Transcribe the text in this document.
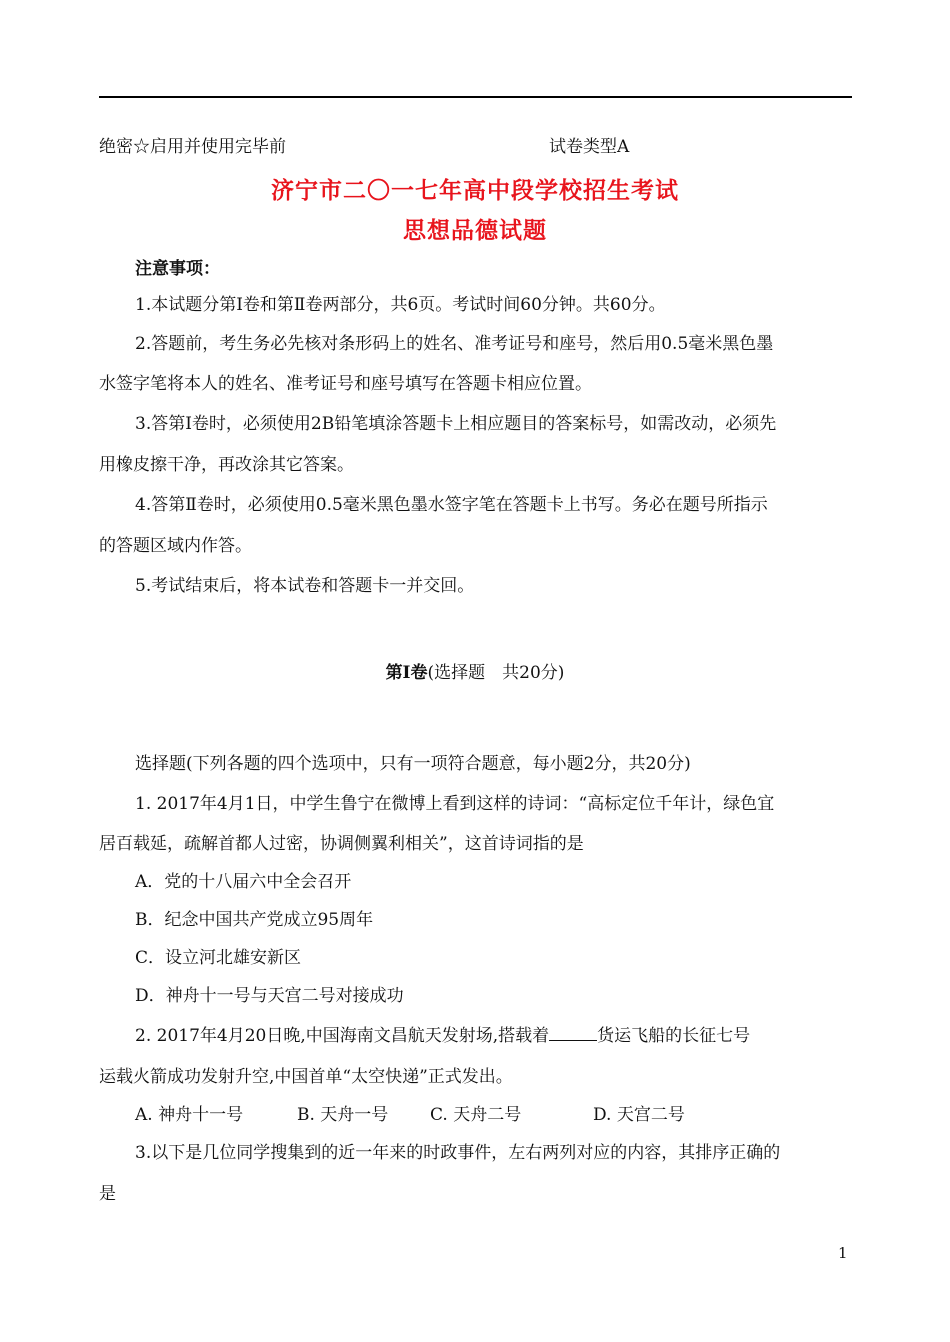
绝密☆启用并使用完毕前	试卷类型A
济宁市二〇一七年高中段学校招生考试
思想品德试题
注意事项：
1.本试题分第Ⅰ卷和第Ⅱ卷两部分，共6页。考试时间60分钟。共60分。
2.答题前，考生务必先核对条形码上的姓名、准考证号和座号，然后用0.5毫米黑色墨
水签字笔将本人的姓名、准考证号和座号填写在答题卡相应位置。
3.答第Ⅰ卷时，必须使用2B铅笔填涂答题卡上相应题目的答案标号，如需改动，必须先
用橡皮擦干净，再改涂其它答案。
4.答第Ⅱ卷时，必须使用0.5毫米黑色墨水签字笔在答题卡上书写。务必在题号所指示
的答题区域内作答。
5.考试结束后，将本试卷和答题卡一并交回。
第Ⅰ卷(选择题　共20分)
选择题(下列各题的四个选项中，只有一项符合题意，每小题2分，共20分)
1. 2017年4月1日，中学生鲁宁在微博上看到这样的诗词：“高标定位千年计，绿色宜
居百载延，疏解首都人过密，协调侧翼利相关”，这首诗词指的是
A．党的十八届六中全会召开
B．纪念中国共产党成立95周年
C．设立河北雄安新区
D．神舟十一号与天宫二号对接成功
2. 2017年4月20日晚,中国海南文昌航天发射场,搭载着	货运飞船的长征七号
运载火箭成功发射升空,中国首单“太空快递”正式发出。
A. 神舟十一号	B. 天舟一号 C. 天舟二号	D. 天宫二号
3.以下是几位同学搜集到的近一年来的时政事件，左右两列对应的内容，其排序正确的
是
1
